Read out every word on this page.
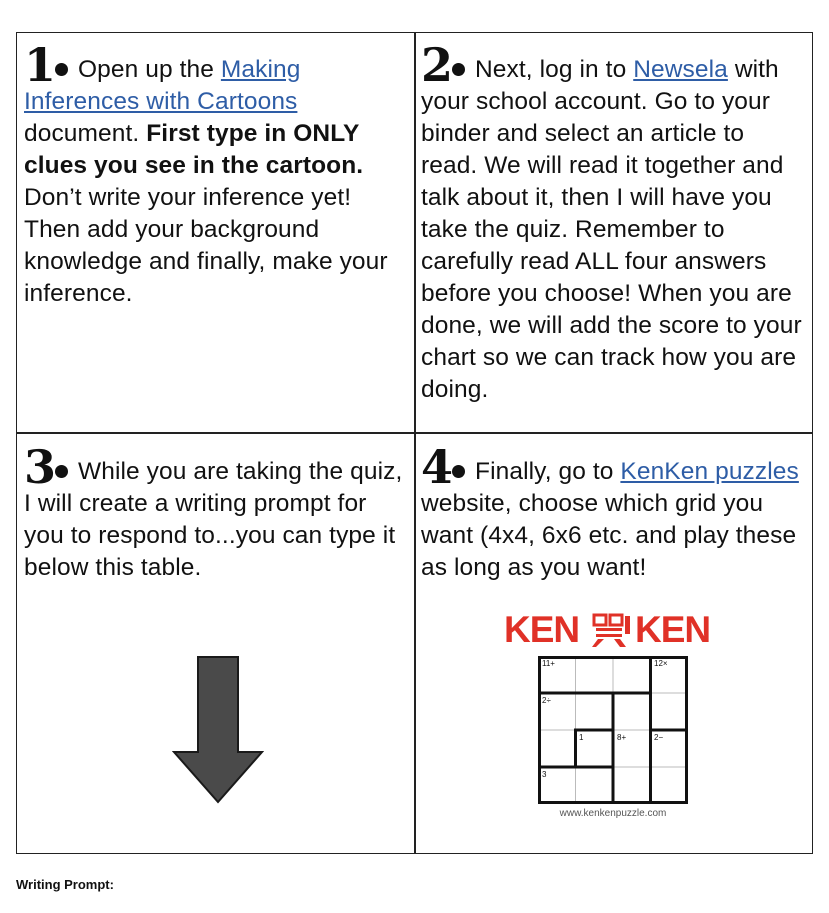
1 Open up the Making Inferences with Cartoons document. First type in ONLY clues you see in the cartoon. Don’t write your inference yet! Then add your background knowledge and finally, make your inference.
2 Next, log in to Newsela with your school account. Go to your binder and select an article to read. We will read it together and talk about it, then I will have you take the quiz. Remember to carefully read ALL four answers before you choose! When you are done, we will add the score to your chart so we can track how you are doing.
3 While you are taking the quiz, I will create a writing prompt for you to respond to...you can type it below this table.
4 Finally, go to KenKen puzzles website, choose which grid you want (4x4, 6x6 etc. and play these as long as you want!
KEN KEN
11+	12×
2÷
1	8+	2−
3
www.kenkenpuzzle.com
Writing Prompt:
